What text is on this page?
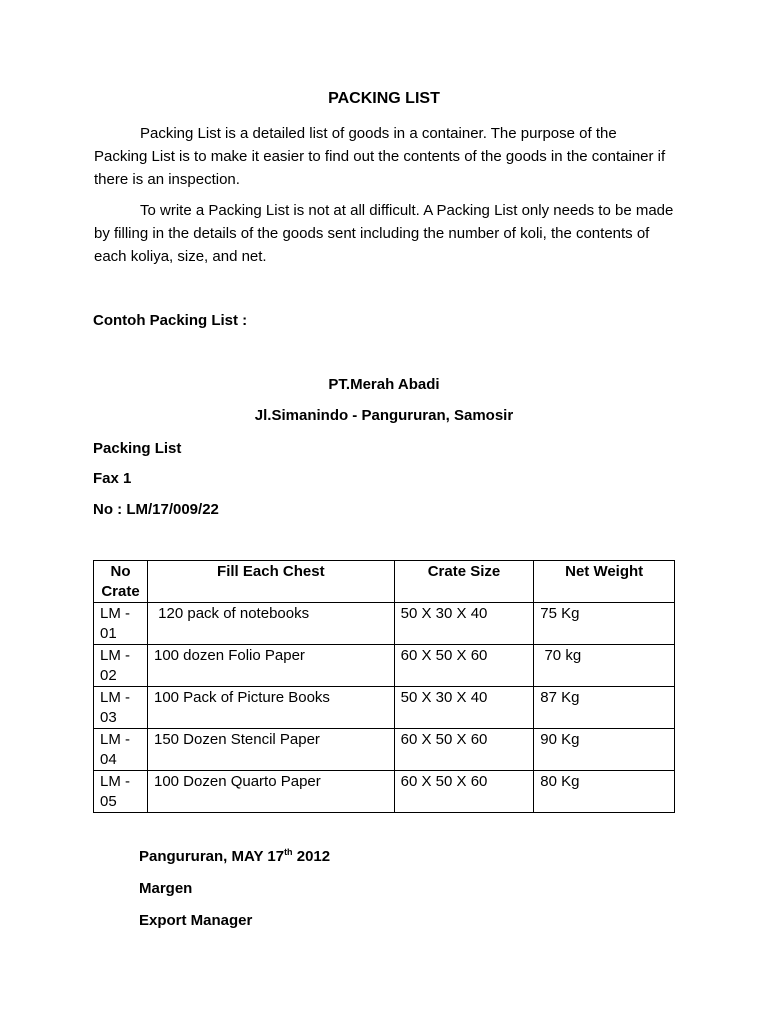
PACKING LIST

Packing List is a detailed list of goods in a container. The purpose of the Packing List is to make it easier to find out the contents of the goods in the container if there is an inspection.

To write a Packing List is not at all difficult. A Packing List only needs to be made by filling in the details of the goods sent including the number of koli, the contents of each koliya, size, and net.

Contoh Packing List :
PT.Merah Abadi
Jl.Simanindo - Pangururan, Samosir
Packing List
Fax 1
No : LM/17/009/22
No Crate	Fill Each Chest	Crate Size	Net Weight
LM - 01	120 pack of notebooks	50 X 30 X 40	75 Kg
LM - 02	100 dozen Folio Paper	60 X 50 X 60	70 kg
LM - 03	100 Pack of Picture Books	50 X 30 X 40	87 Kg
LM - 04	150 Dozen Stencil Paper	60 X 50 X 60	90 Kg
LM - 05	100 Dozen Quarto Paper	60 X 50 X 60	80 Kg
Pangururan, MAY 17th 2012
Margen
Export Manager
